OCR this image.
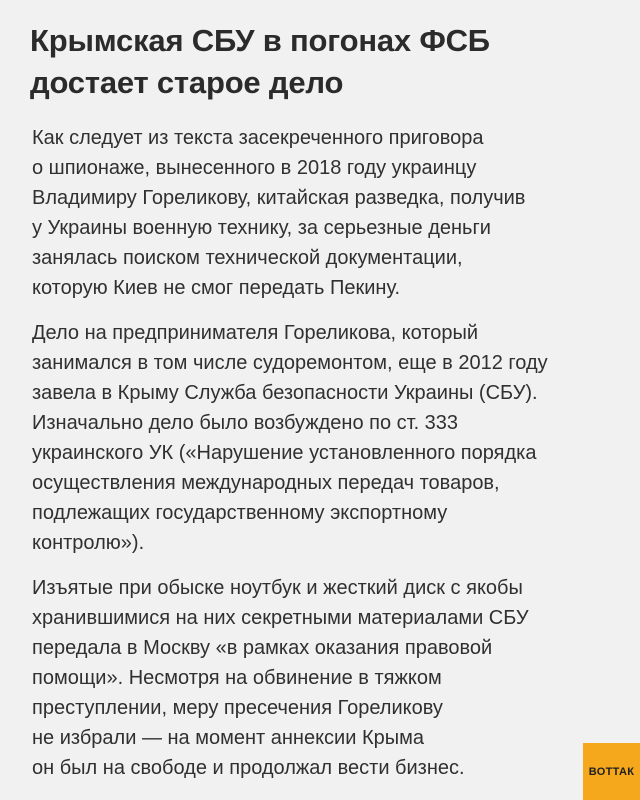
Крымская СБУ в погонах ФСБ
достает старое дело

Как следует из текста засекреченного приговора
о шпионаже, вынесенного в 2018 году украинцу
Владимиру Гореликову, китайская разведка, получив
у Украины военную технику, за серьезные деньги
занялась поиском технической документации,
которую Киев не смог передать Пекину.

Дело на предпринимателя Гореликова, который
занимался в том числе судоремонтом, еще в 2012 году
завела в Крыму Служба безопасности Украины (СБУ).
Изначально дело было возбуждено по ст. 333
украинского УК («Нарушение установленного порядка
осуществления международных передач товаров,
подлежащих государственному экспортному
контролю»).

Изъятые при обыске ноутбук и жесткий диск с якобы
хранившимися на них секретными материалами СБУ
передала в Москву «в рамках оказания правовой
помощи». Несмотря на обвинение в тяжком
преступлении, меру пресечения Гореликову
не избрали — на момент аннексии Крыма
он был на свободе и продолжал вести бизнес.	ВОТТАК
